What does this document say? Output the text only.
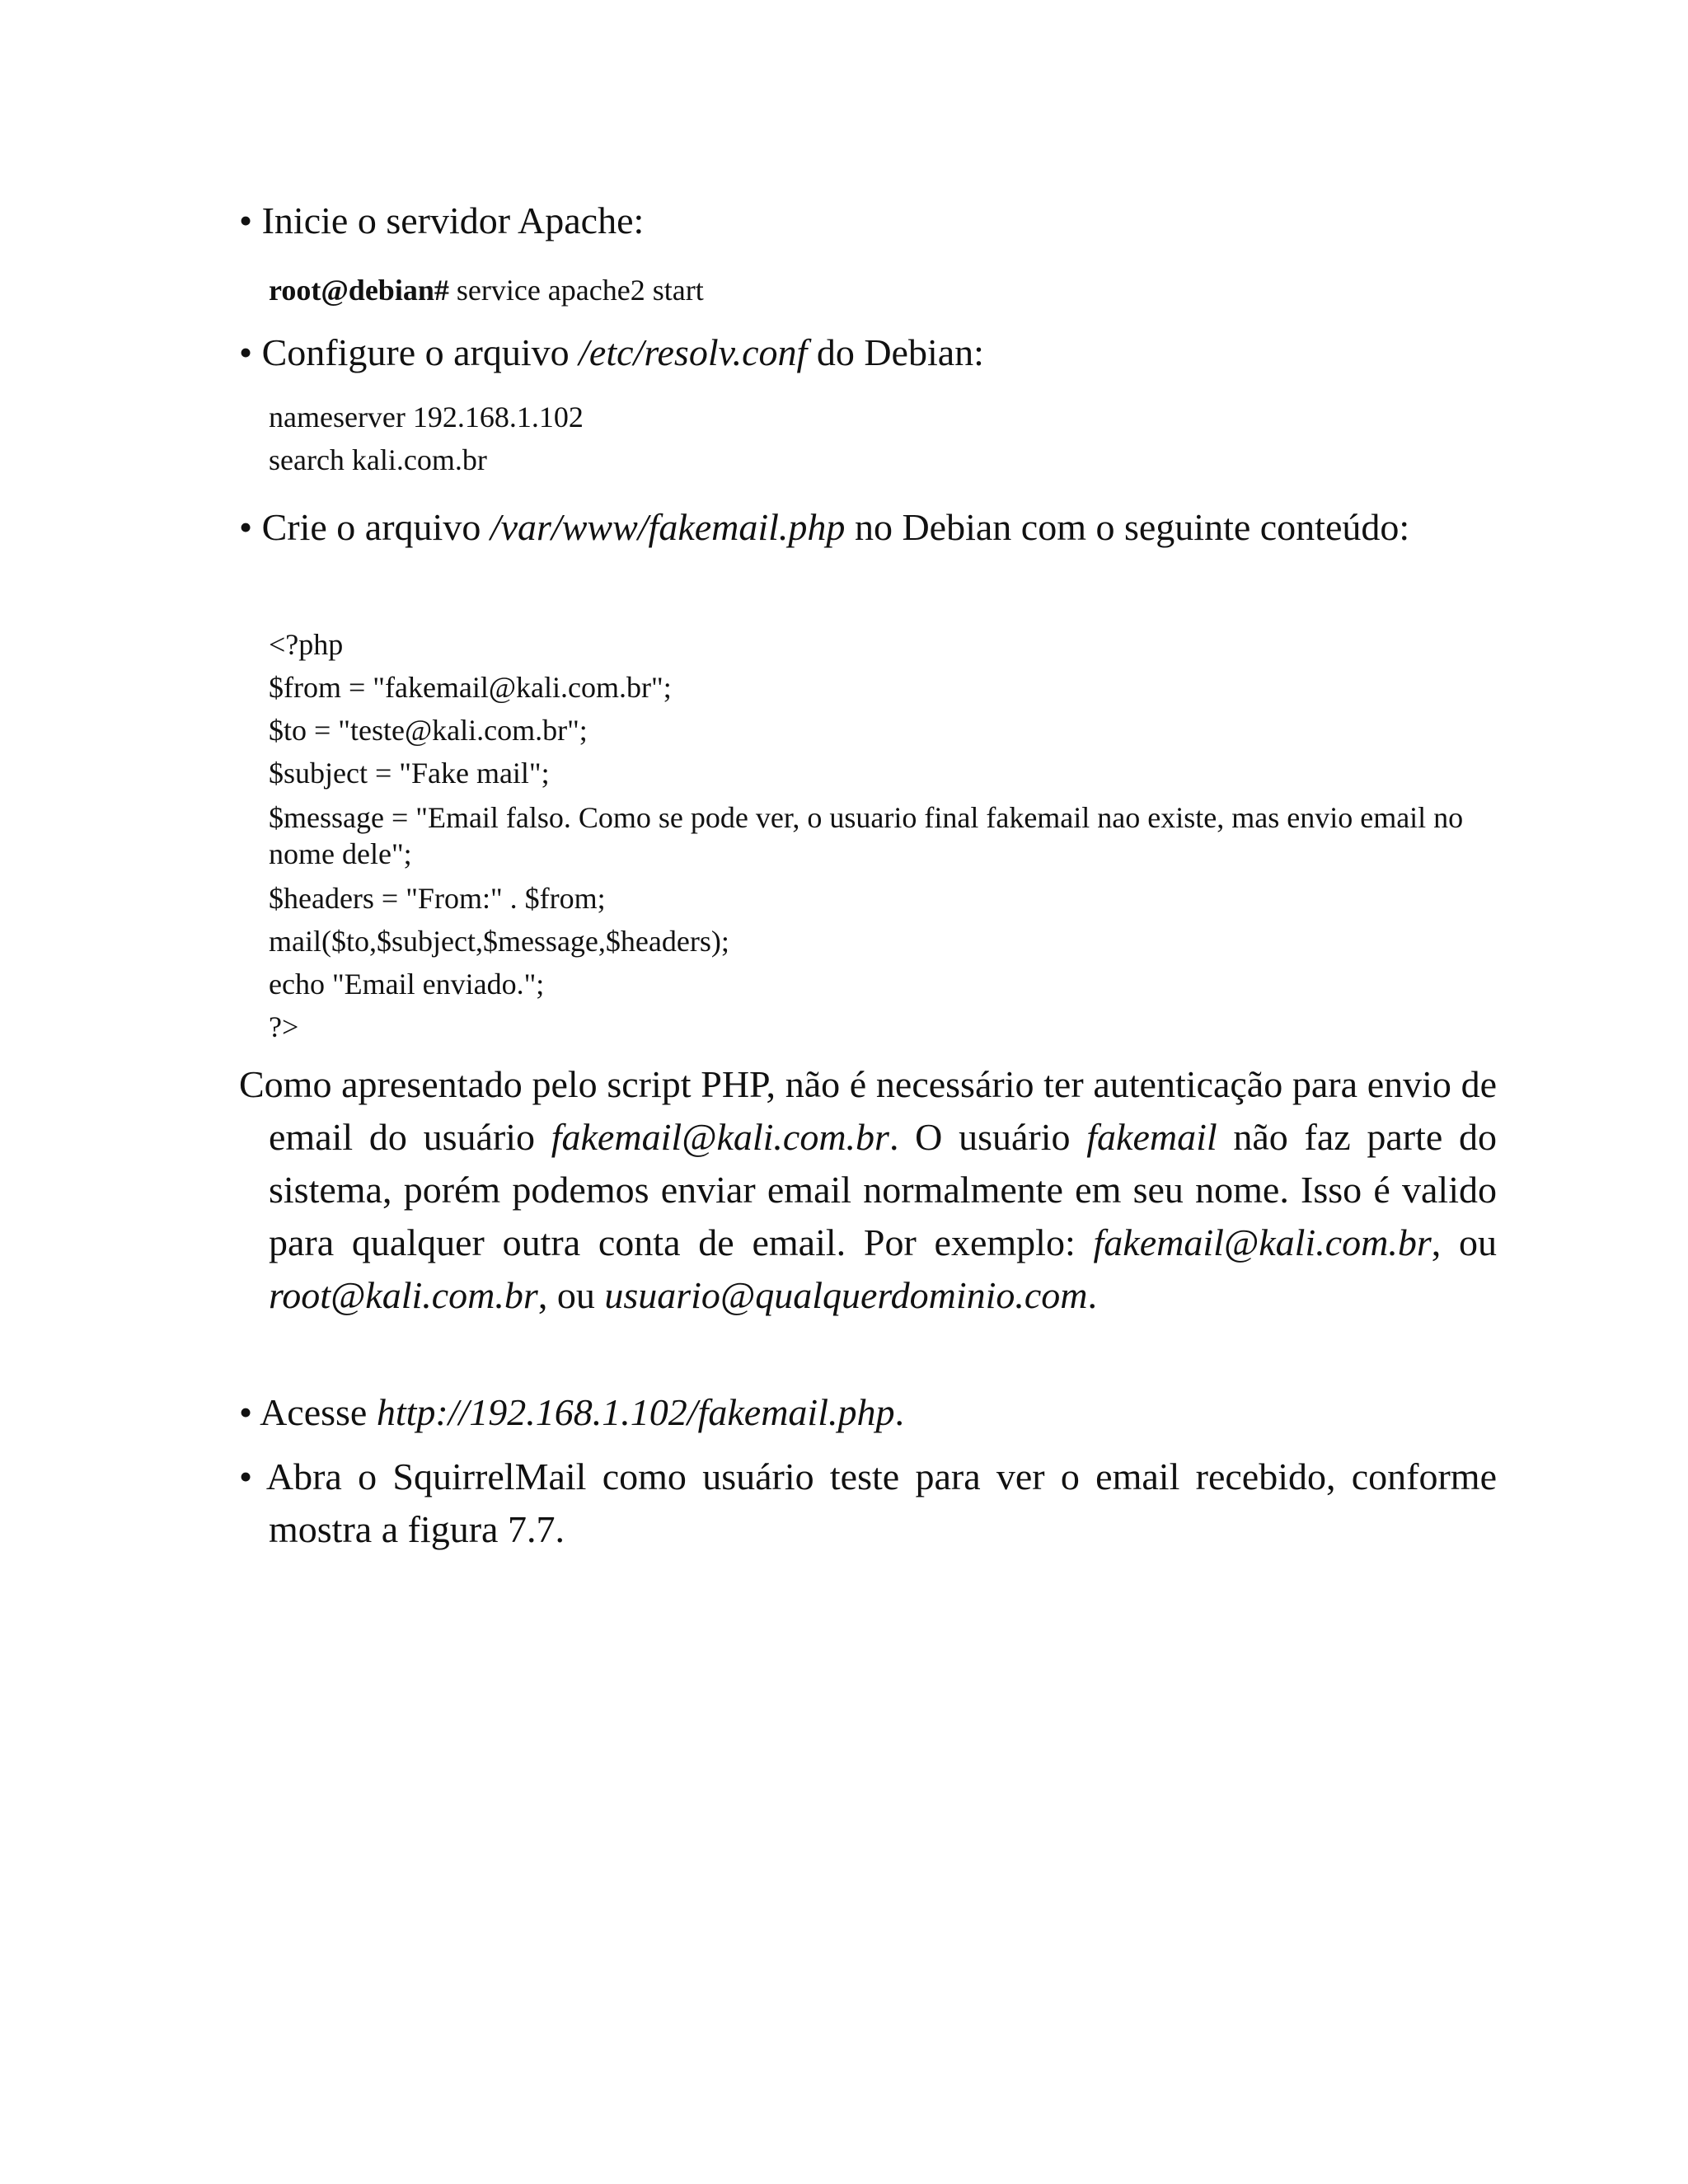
• Inicie o servidor Apache:

root@debian# service apache2 start

• Configure o arquivo /etc/resolv.conf do Debian:

nameserver 192.168.1.102

search kali.com.br

• Crie o arquivo /var/www/fakemail.php no Debian com o seguinte conteúdo:

<?php

$from = "fakemail@kali.com.br";

$to = "teste@kali.com.br";

$subject = "Fake mail";

$message = "Email falso. Como se pode ver, o usuario final fakemail nao existe, mas envio email no nome dele";

$headers = "From:" . $from;

mail($to,$subject,$message,$headers);

echo "Email enviado.";

?>

Como apresentado pelo script PHP, não é necessário ter autenticação para envio de email do usuário fakemail@kali.com.br. O usuário fakemail não faz parte do sistema, porém podemos enviar email normalmente em seu nome. Isso é valido para qualquer outra conta de email. Por exemplo: fakemail@kali.com.br, ou root@kali.com.br, ou usuario@qualquerdominio.com.

• Acesse http://192.168.1.102/fakemail.php.

• Abra o SquirrelMail como usuário teste para ver o email recebido, conforme mostra a figura 7.7.
